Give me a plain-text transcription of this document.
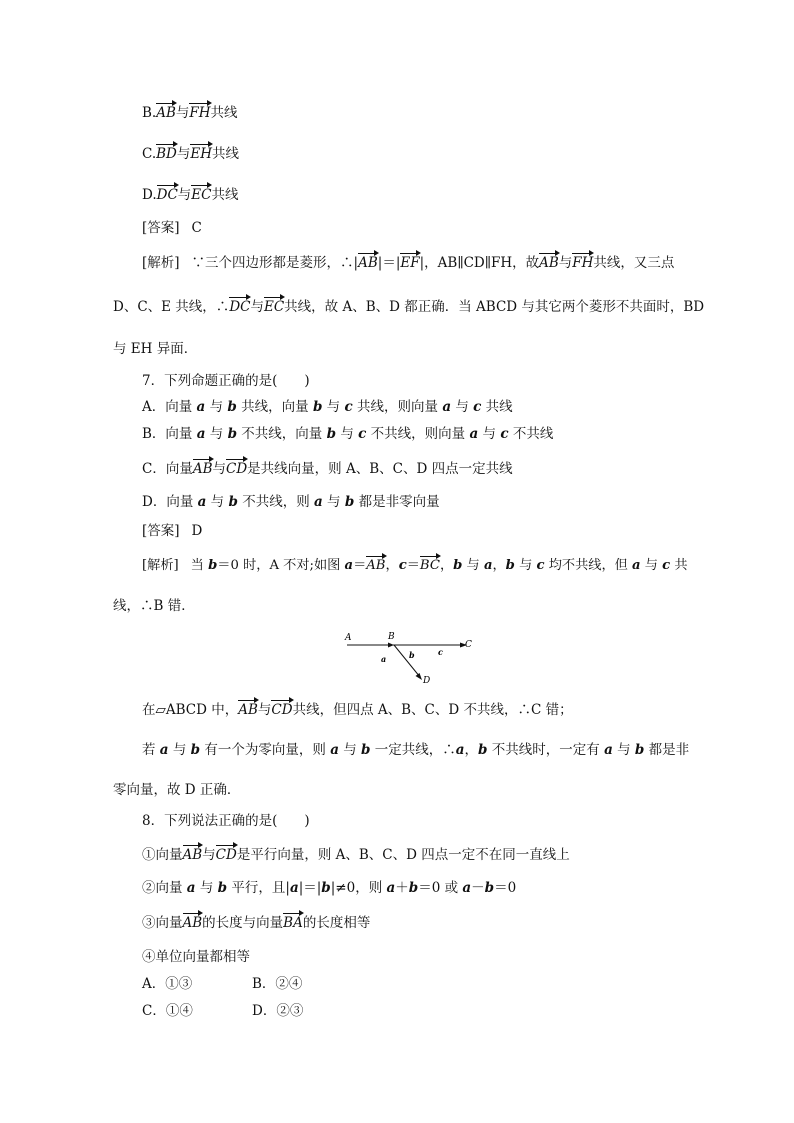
B.AB与FH共线
C.BD与EH共线
D.DC与EC共线
[答案] C
[解析] ∵三个四边形都是菱形，∴|AB|＝|EF|，AB∥CD∥FH，故AB与FH共线，又三点
D、C、E 共线，∴DC与EC共线，故 A、B、D 都正确．当 ABCD 与其它两个菱形不共面时，BD
与 EH 异面．
7．下列命题正确的是(　　)
A．向量 a 与 b 共线，向量 b 与 c 共线，则向量 a 与 c 共线
B．向量 a 与 b 不共线，向量 b 与 c 不共线，则向量 a 与 c 不共线
C．向量AB与CD是共线向量，则 A、B、C、D 四点一定共线
D．向量 a 与 b 不共线，则 a 与 b 都是非零向量
[答案] D
[解析] 当 b＝0 时，A 不对;如图 a＝AB，c＝BC，b 与 a，b 与 c 均不共线，但 a 与 c 共
线，∴B 错．
A	B
C
D
a	b	c
在▱ABCD 中，AB与CD共线，但四点 A、B、C、D 不共线，∴C 错；
若 a 与 b 有一个为零向量，则 a 与 b 一定共线，∴a，b 不共线时，一定有 a 与 b 都是非
零向量，故 D 正确．
8．下列说法正确的是(　　)
①向量AB与CD是平行向量，则 A、B、C、D 四点一定不在同一直线上
②向量 a 与 b 平行，且|a|＝|b|≠0，则 a＋b＝0 或 a－b＝0
③向量AB的长度与向量BA的长度相等
④单位向量都相等
A．①③	B．②④
C．①④	D．②③
